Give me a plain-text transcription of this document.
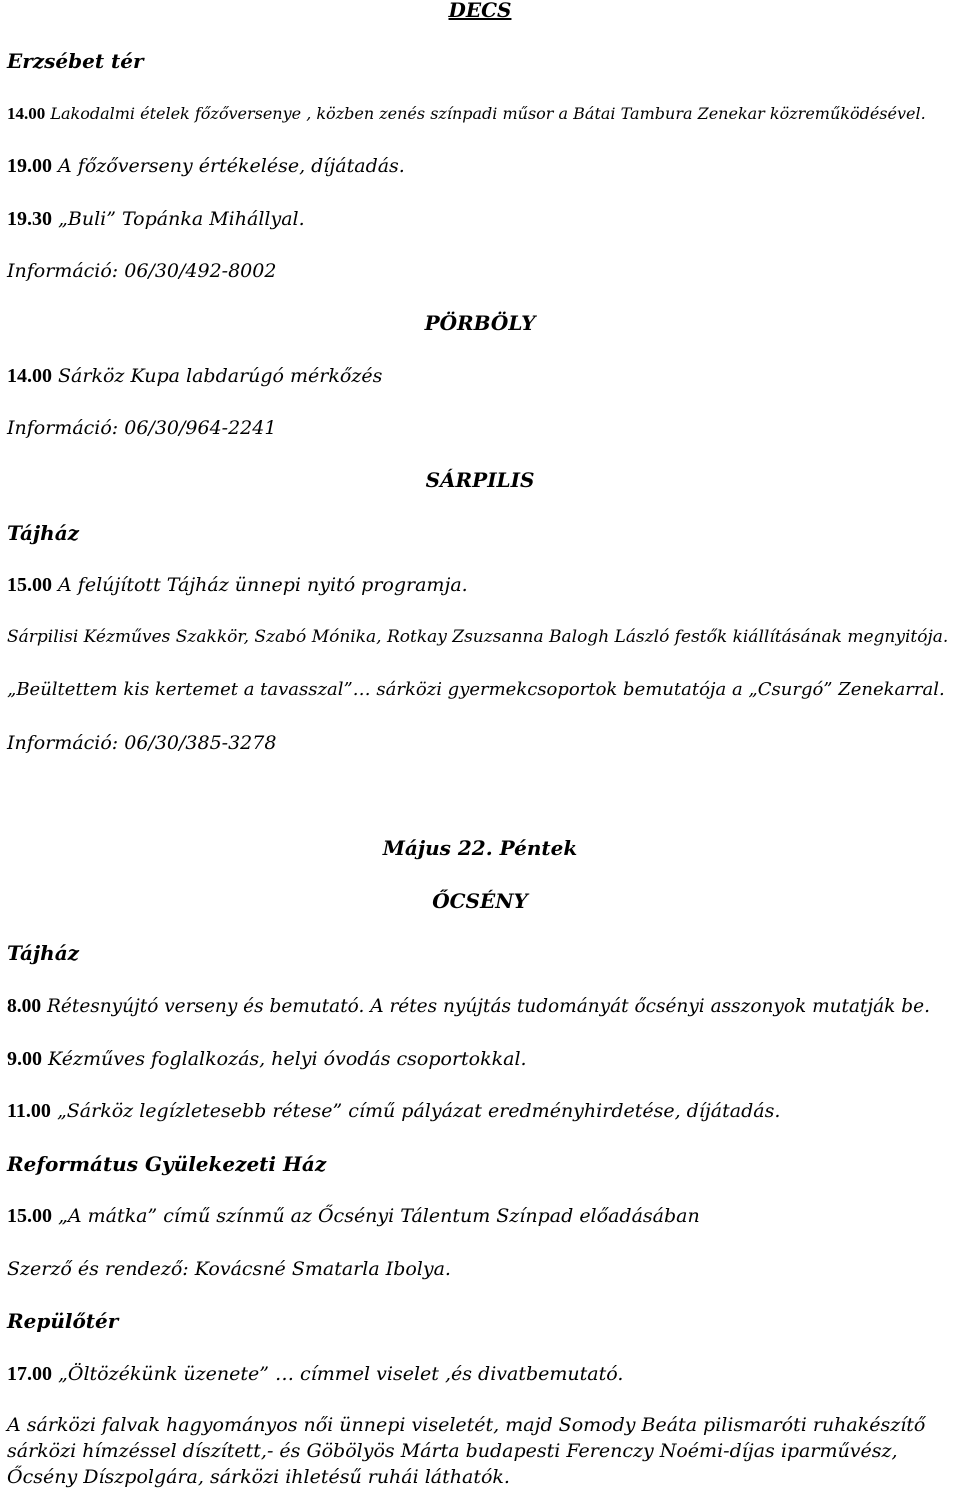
DECS
Erzsébet tér
14.00 Lakodalmi ételek főzőversenye , közben zenés színpadi műsor a Bátai Tambura Zenekar közreműködésével.
19.00 A főzőverseny értékelése, díjátadás.
19.30 „Buli” Topánka Mihállyal.
Információ: 06/30/492-8002
PÖRBÖLY
14.00 Sárköz Kupa labdarúgó mérkőzés
Információ: 06/30/964-2241
SÁRPILIS
Tájház
15.00 A felújított Tájház ünnepi nyitó programja.
Sárpilisi Kézműves Szakkör, Szabó Mónika, Rotkay Zsuzsanna Balogh László festők kiállításának megnyitója.
„Beültettem kis kertemet a tavasszal”… sárközi gyermekcsoportok bemutatója a „Csurgó” Zenekarral.
Információ: 06/30/385-3278
Május 22. Péntek
ŐCSÉNY
Tájház
8.00 Rétesnyújtó verseny és bemutató. A rétes nyújtás tudományát őcsényi asszonyok mutatják be.
9.00 Kézműves foglalkozás, helyi óvodás csoportokkal.
11.00 „Sárköz legízletesebb rétese” című pályázat eredményhirdetése, díjátadás.
Református Gyülekezeti Ház
15.00 „A mátka” című színmű az Őcsényi Tálentum Színpad előadásában
Szerző és rendező: Kovácsné Smatarla Ibolya.
Repülőtér
17.00 „Öltözékünk üzenete” … címmel viselet ,és divatbemutató.
A sárközi falvak hagyományos női ünnepi viseletét, majd Somody Beáta pilismaróti ruhakészítő sárközi hímzéssel díszített,- és Göbölyös Márta budapesti Ferenczy Noémi-díjas iparművész, Őcsény Díszpolgára, sárközi ihletésű ruhái láthatók.
